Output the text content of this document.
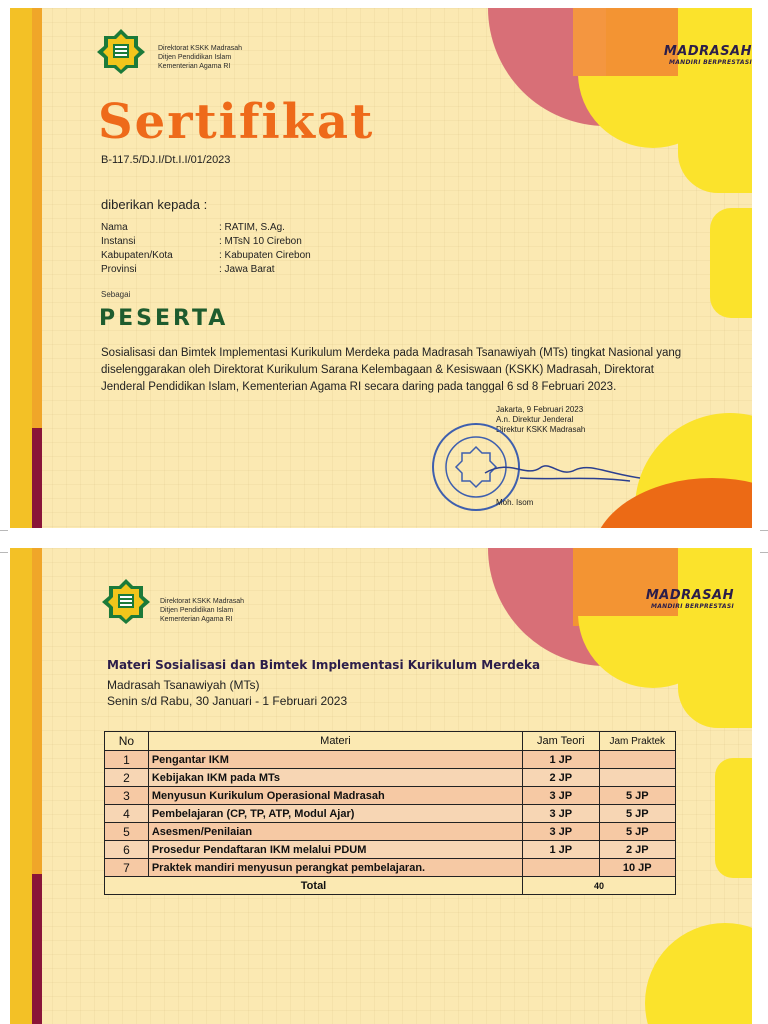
Direktorat KSKK Madrasah
Ditjen Pendidikan Islam
Kementerian Agama RI
MADRASAH
MANDIRI BERPRESTASI
Sertifikat
B-117.5/DJ.I/Dt.I.I/01/2023
diberikan kepada :
Nama	: RATIM, S.Ag.
Instansi	: MTsN 10 Cirebon
Kabupaten/Kota	: Kabupaten Cirebon
Provinsi	: Jawa Barat
Sebagai
PESERTA
Sosialisasi dan Bimtek Implementasi Kurikulum Merdeka pada Madrasah Tsanawiyah (MTs) tingkat Nasional yang diselenggarakan oleh Direktorat Kurikulum Sarana Kelembagaan & Kesiswaan (KSKK) Madrasah, Direktorat Jenderal Pendidikan Islam, Kementerian Agama RI secara daring pada tanggal 6 sd 8 Februari 2023.
Jakarta, 9 Februari 2023
A.n. Direktur Jenderal
Direktur KSKK Madrasah
Moh. Isom
Direktorat KSKK Madrasah
Ditjen Pendidikan Islam
Kementerian Agama RI
MADRASAH
MANDIRI BERPRESTASI
Materi Sosialisasi dan Bimtek Implementasi Kurikulum Merdeka
Madrasah Tsanawiyah (MTs)
Senin s/d Rabu, 30 Januari - 1 Februari 2023
No	Materi	Jam Teori	Jam Praktek
1	Pengantar IKM	1 JP	
2	Kebijakan IKM pada MTs	2 JP	
3	Menyusun Kurikulum Operasional Madrasah	3 JP	5 JP
4	Pembelajaran (CP, TP, ATP, Modul Ajar)	3 JP	5 JP
5	Asesmen/Penilaian	3 JP	5 JP
6	Prosedur Pendaftaran IKM melalui PDUM	1 JP	2 JP
7	Praktek mandiri menyusun perangkat pembelajaran.		10 JP
Total		40	
